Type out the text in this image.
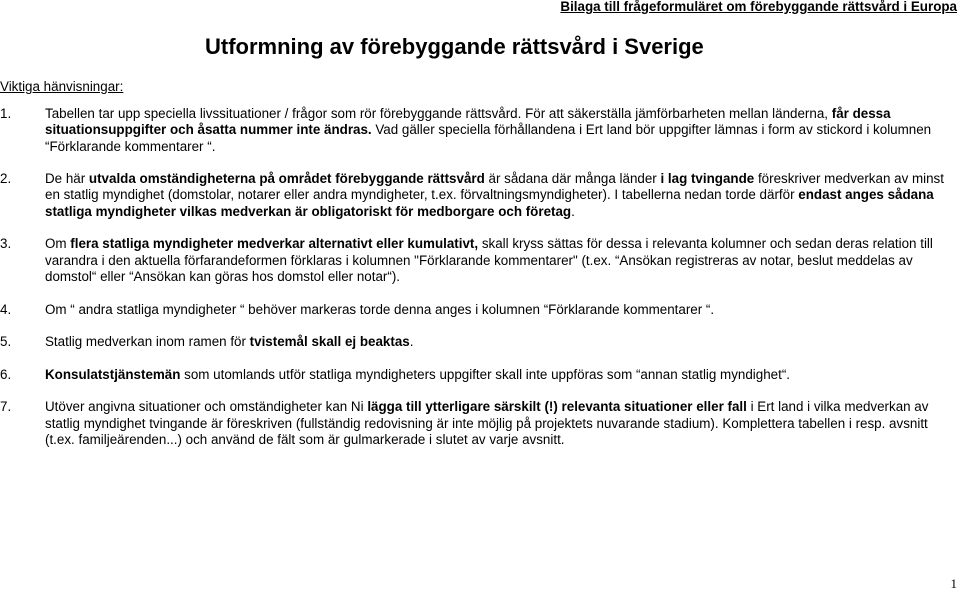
Bilaga till frågeformuläret om förebyggande rättsvård i Europa
Utformning av förebyggande rättsvård i Sverige
Viktiga hänvisningar:
1.	Tabellen tar upp speciella livssituationer / frågor som rör förebyggande rättsvård. För att säkerställa jämförbarheten mellan länderna, får dessa situationsuppgifter och åsatta nummer inte ändras. Vad gäller speciella förhållandena i Ert land bör uppgifter lämnas i form av stickord i kolumnen “Förklarande kommentarer “.
2.	De här utvalda omständigheterna på området förebyggande rättsvård är sådana där många länder i lag tvingande föreskriver medverkan av minst en statlig myndighet (domstolar, notarer eller andra myndigheter, t.ex. förvaltningsmyndigheter). I tabellerna nedan torde därför endast anges sådana statliga myndigheter vilkas medverkan är obligatoriskt för medborgare och företag.
3.	Om flera statliga myndigheter medverkar alternativt eller kumulativt, skall kryss sättas för dessa i relevanta kolumner och sedan deras relation till varandra i den aktuella förfarandeformen förklaras i kolumnen "Förklarande kommentarer" (t.ex. “Ansökan registreras av notar, beslut meddelas av domstol“ eller “Ansökan kan göras hos domstol eller notar“).
4.	Om “ andra statliga myndigheter “ behöver markeras torde denna anges i kolumnen “Förklarande kommentarer “.
5.	Statlig medverkan inom ramen för tvistemål skall ej beaktas.
6.	Konsulatstjänstemän som utomlands utför statliga myndigheters uppgifter skall inte uppföras som “annan statlig myndighet“.
7.	Utöver angivna situationer och omständigheter kan Ni lägga till ytterligare särskilt (!) relevanta situationer eller fall i Ert land i vilka medverkan av statlig myndighet tvingande är föreskriven (fullständig redovisning är inte möjlig på projektets nuvarande stadium). Komplettera tabellen i resp. avsnitt (t.ex. familjeärenden...) och använd de fält som är gulmarkerade i slutet av varje avsnitt.
1
